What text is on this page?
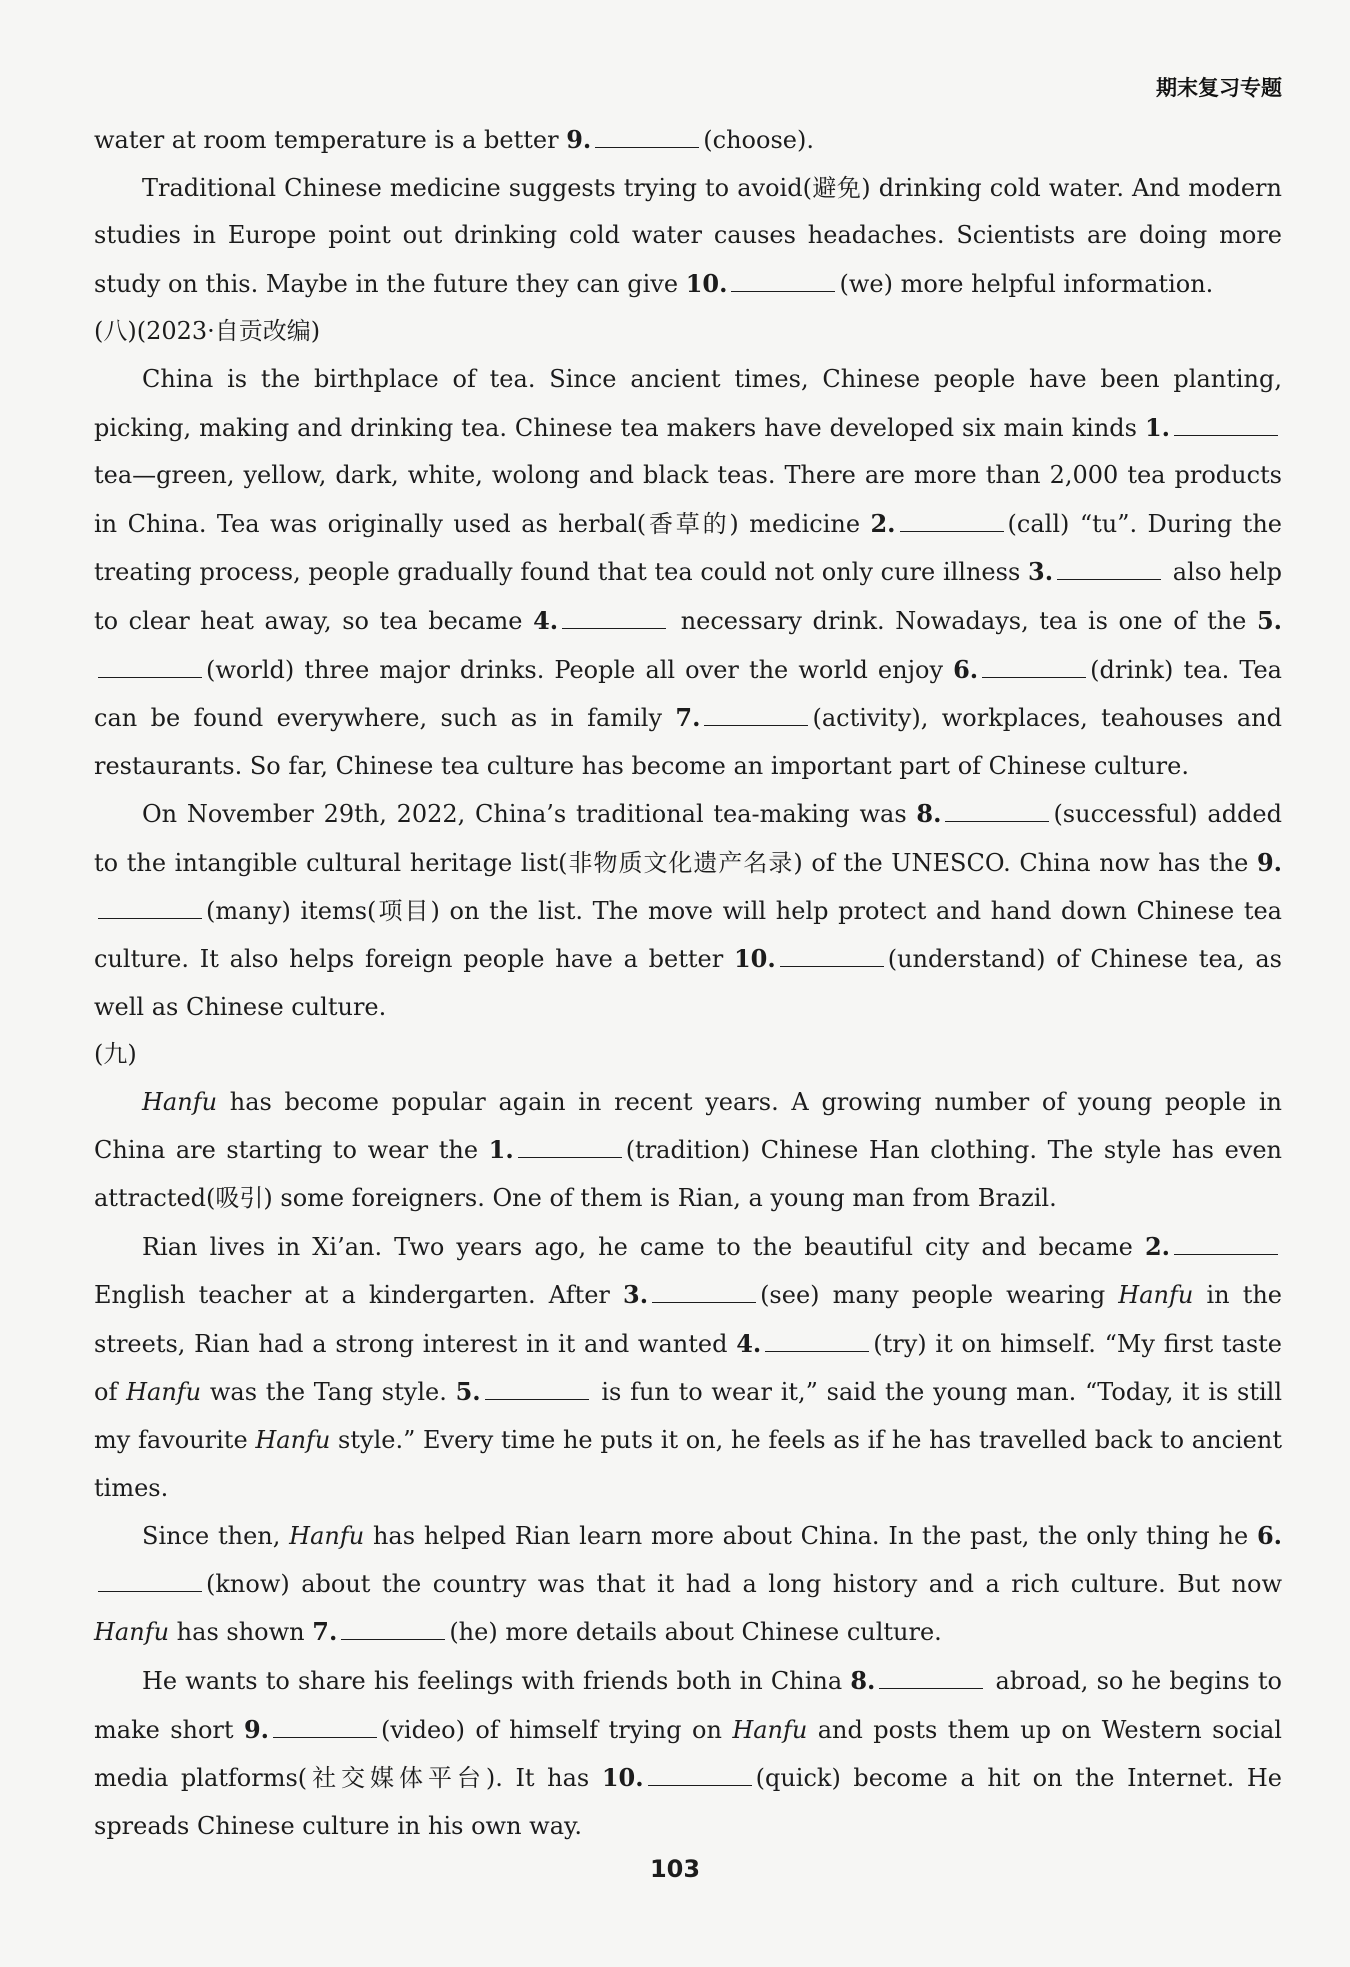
期末复习专题

water at room temperature is a better 9.	(choose).

Traditional Chinese medicine suggests trying to avoid(避免) drinking cold water. And modern studies in Europe point out drinking cold water causes headaches. Scientists are doing more study on this. Maybe in the future they can give 10.	(we) more helpful information.

(八)(2023·自贡改编)

China is the birthplace of tea. Since ancient times, Chinese people have been planting, picking, making and drinking tea. Chinese tea makers have developed six main kinds 1. tea—green, yellow, dark, white, wolong and black teas. There are more than 2,000 tea products in China. Tea was originally used as herbal(香草的) medicine 2.	(call) “tu”. During the treating process, people gradually found that tea could not only cure illness 3.	also help to clear heat away, so tea became 4.	necessary drink. Nowadays, tea is one of the 5.(world) three major drinks. People all over the world enjoy 6.	(drink) tea. Tea can be found everywhere, such as in family 7.	(activity), workplaces, teahouses and restaurants. So far, Chinese tea culture has become an important part of Chinese culture.

On November 29th, 2022, China’s traditional tea-making was 8.	(successful) added to the intangible cultural heritage list(非物质文化遗产名录) of the UNESCO. China now has the 9.(many) items(项目) on the list. The move will help protect and hand down Chinese tea culture. It also helps foreign people have a better 10.	(understand) of Chinese tea, as well as Chinese culture.

(九)

Hanfu has become popular again in recent years. A growing number of young people in China are starting to wear the 1.	(tradition) Chinese Han clothing. The style has even attracted(吸引) some foreigners. One of them is Rian, a young man from Brazil.

Rian lives in Xi’an. Two years ago, he came to the beautiful city and became 2. English teacher at a kindergarten. After 3.	(see) many people wearing Hanfu in the streets, Rian had a strong interest in it and wanted 4.	(try) it on himself. “My first taste of Hanfu was the Tang style. 5.	is fun to wear it,” said the young man. “Today, it is still my favourite Hanfu style.” Every time he puts it on, he feels as if he has travelled back to ancient times.

Since then, Hanfu has helped Rian learn more about China. In the past, the only thing he 6.(know) about the country was that it had a long history and a rich culture. But now Hanfu has shown 7.	(he) more details about Chinese culture.

He wants to share his feelings with friends both in China 8.	abroad, so he begins to make short 9.	(video) of himself trying on Hanfu and posts them up on Western social media platforms(社交媒体平台). It has 10.	(quick) become a hit on the Internet. He spreads Chinese culture in his own way.

103
